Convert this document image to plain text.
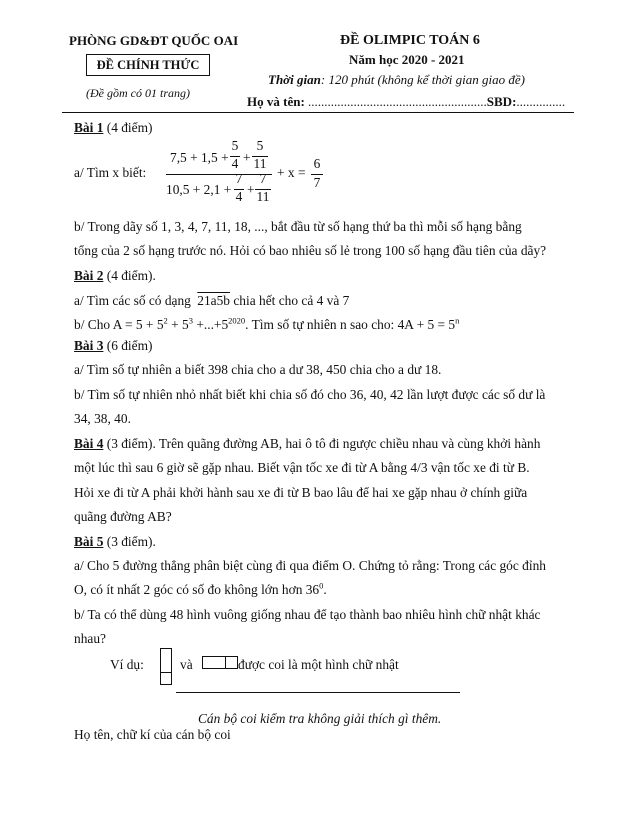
PHÒNG GD&ĐT QUỐC OAI
ĐỀ CHÍNH THỨC
(Đề gồm có 01 trang)
ĐỀ OLIMPIC TOÁN 6
Năm học 2020 - 2021
Thời gian: 120 phút (không kể thời gian giao đề)
Họ và tên: .......................................................SBD:...............
Bài 1 (4 điểm)
a/ Tìm x biết:
7,5 + 1,5 +
5
4 +
5
11
10,5 + 2,1 +
7
4 +
7
11
+ x =
6
7
b/ Trong dãy số 1, 3, 4, 7, 11, 18, ..., bắt đầu từ số hạng thứ ba thì mỗi số hạng bằng
tổng của 2 số hạng trước nó. Hỏi có bao nhiêu số lẻ trong 100 số hạng đầu tiên của dãy?
Bài 2 (4 điểm).
a/ Tìm các số có dạng 21a5b chia hết cho cả 4 và 7
b/ Cho $A = 5 + 5^2 + 5^3 +...+5^{2020}$. Tìm số tự nhiên n sao cho: $4A + 5 = 5^n$
Bài 3 (6 điểm)
a/ Tìm số tự nhiên a biết 398 chia cho a dư 38, 450 chia cho a dư 18.
b/ Tìm số tự nhiên nhỏ nhất biết khi chia số đó cho 36, 40, 42 lần lượt được các số dư là
34, 38, 40.
Bài 4 (3 điểm). Trên quãng đường AB, hai ô tô đi ngược chiều nhau và cùng khởi hành
một lúc thì sau 6 giờ sẽ gặp nhau. Biết vận tốc xe đi từ A bằng 4/3 vận tốc xe đi từ B.
Hỏi xe đi từ A phải khởi hành sau xe đi từ B bao lâu để hai xe gặp nhau ở chính giữa
quãng đường AB?
Bài 5 (3 điểm).
a/ Cho 5 đường thẳng phân biệt cùng đi qua điểm O. Chứng tỏ rằng: Trong các góc đỉnh
O, có ít nhất 2 góc có số đo không lớn hơn $36^0$.
b/ Ta có thể dùng 48 hình vuông giống nhau để tạo thành bao nhiêu hình chữ nhật khác
nhau?
Ví dụ:	và	được coi là một hình chữ nhật
Cán bộ coi kiểm tra không giải thích gì thêm.
Họ tên, chữ kí của cán bộ coi
